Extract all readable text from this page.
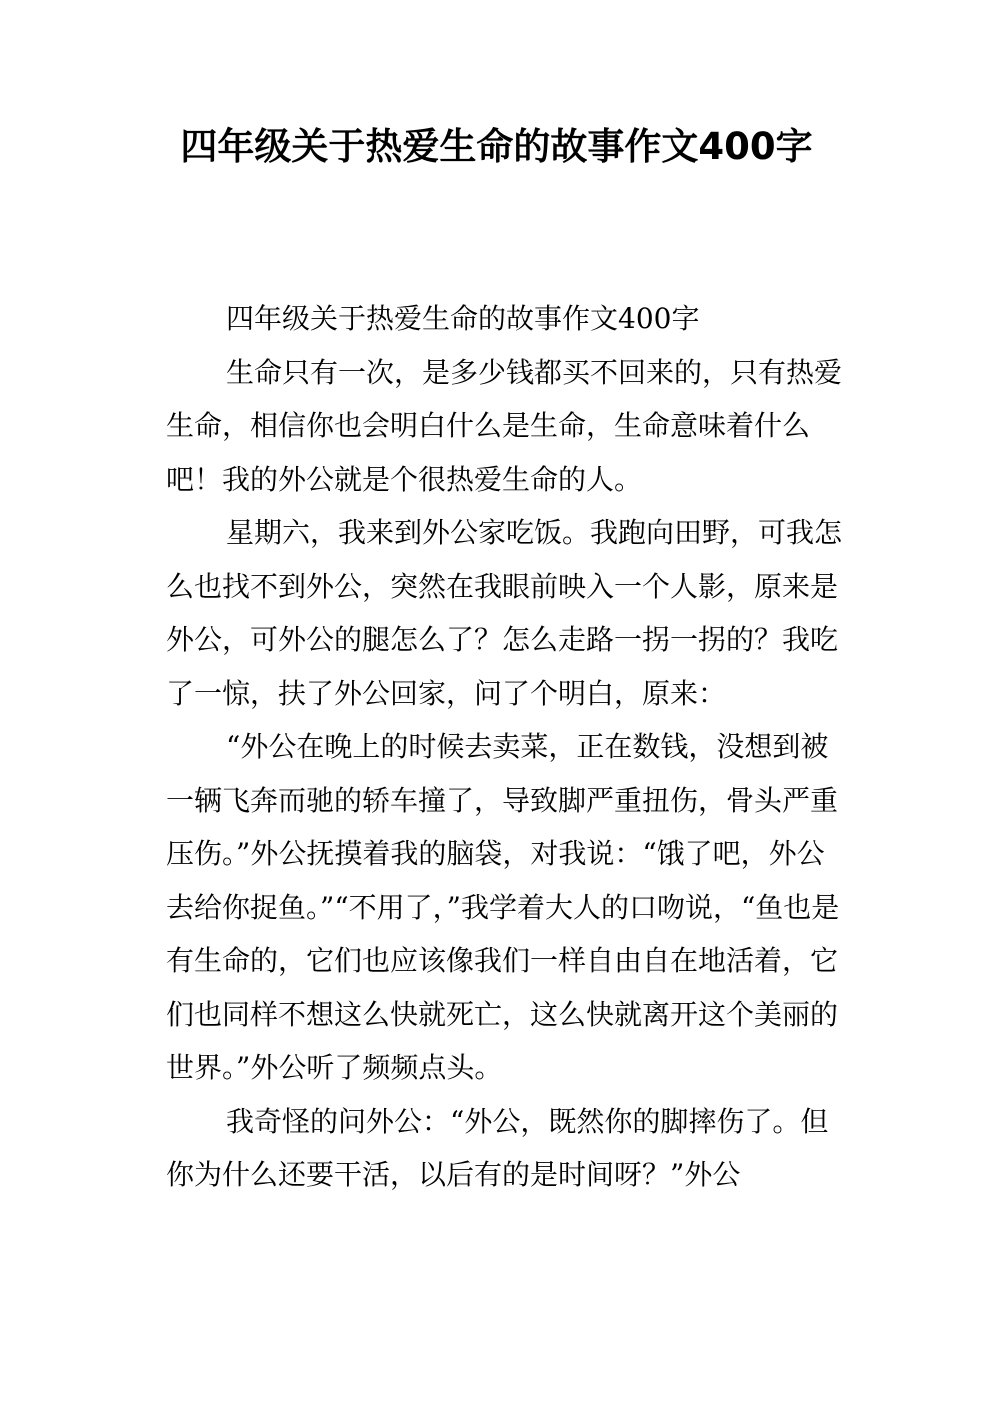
四年级关于热爱生命的故事作文400字

四年级关于热爱生命的故事作文400字

生命只有一次，是多少钱都买不回来的，只有热爱生命，相信你也会明白什么是生命，生命意味着什么吧！我的外公就是个很热爱生命的人。

星期六，我来到外公家吃饭。我跑向田野，可我怎么也找不到外公，突然在我眼前映入一个人影，原来是外公，可外公的腿怎么了？怎么走路一拐一拐的？我吃了一惊，扶了外公回家，问了个明白，原来：

“外公在晚上的时候去卖菜，正在数钱，没想到被一辆飞奔而驰的轿车撞了，导致脚严重扭伤，骨头严重压伤。”外公抚摸着我的脑袋，对我说：“饿了吧，外公去给你捉鱼。”“不用了，”我学着大人的口吻说，“鱼也是有生命的，它们也应该像我们一样自由自在地活着，它们也同样不想这么快就死亡，这么快就离开这个美丽的世界。”外公听了频频点头。

我奇怪的问外公：“外公，既然你的脚摔伤了。但你为什么还要干活，以后有的是时间呀？”外公
